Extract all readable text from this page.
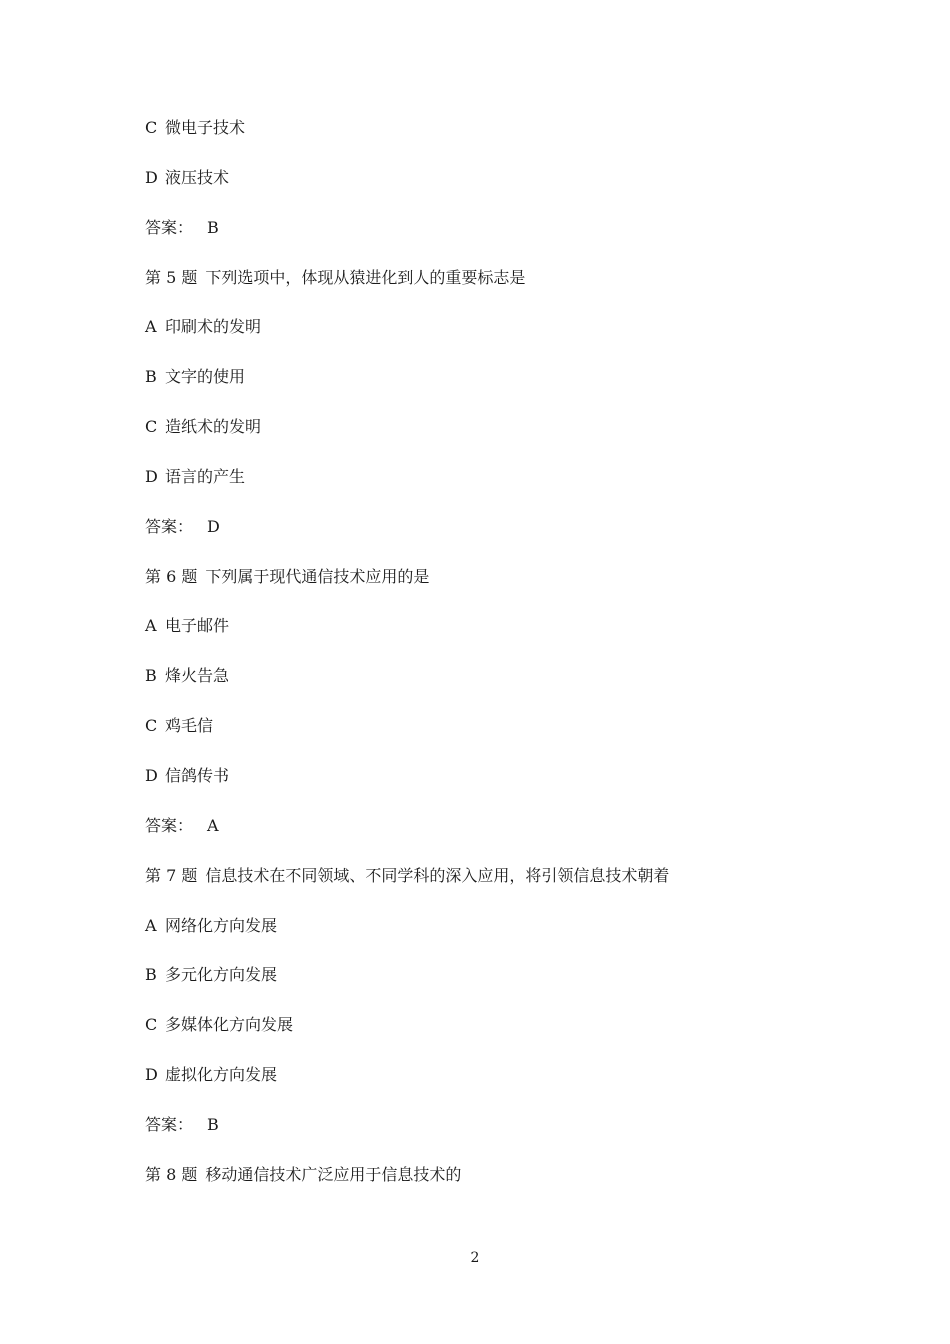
C 微电子技术
D 液压技术
答案： B
第 5 题 下列选项中，体现从猿进化到人的重要标志是
A 印刷术的发明
B 文字的使用
C 造纸术的发明
D 语言的产生
答案： D
第 6 题 下列属于现代通信技术应用的是
A 电子邮件
B 烽火告急
C 鸡毛信
D 信鸽传书
答案： A
第 7 题 信息技术在不同领域、不同学科的深入应用，将引领信息技术朝着
A 网络化方向发展
B 多元化方向发展
C 多媒体化方向发展
D 虚拟化方向发展
答案： B
第 8 题 移动通信技术广泛应用于信息技术的
2
